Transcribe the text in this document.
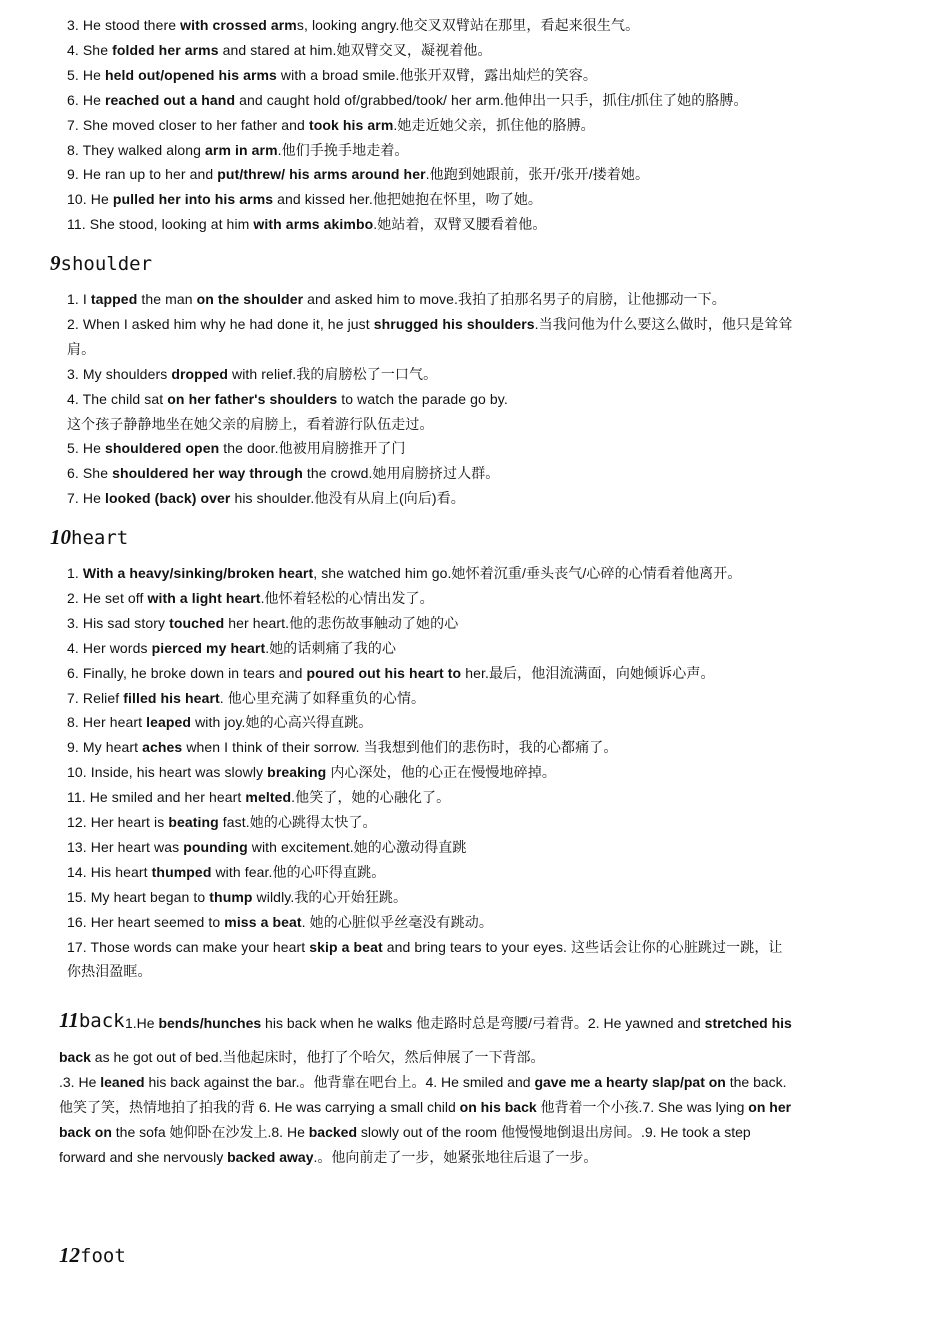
3. He stood there with crossed arms, looking angry.他交叉双臂站在那里，看起来很生气。
4. She folded her arms and stared at him.她双臂交叉，凝视着他。
5. He held out/opened his arms with a broad smile.他张开双臂，露出灿烂的笑容。
6. He reached out a hand and caught hold of/grabbed/took/ her arm.他伸出一只手，抓住/抓住了她的胳膊。
7. She moved closer to her father and took his arm.她走近她父亲，抓住他的胳膊。
8. They walked along arm in arm.他们手挽手地走着。
9. He ran up to her and put/threw/ his arms around her.他跑到她跟前，张开/张开/搂着她。
10. He pulled her into his arms and kissed her.他把她抱在怀里，吻了她。
11. She stood, looking at him with arms akimbo.她站着，双臂叉腰看着他。
9shoulder
1. I tapped the man on the shoulder and asked him to move.我拍了拍那名男子的肩膀，让他挪动一下。
2. When I asked him why he had done it, he just shrugged his shoulders.当我问他为什么要这么做时，他只是耸耸
肩。
3. My shoulders dropped with relief.我的肩膀松了一口气。
4. The child sat on her father's shoulders to watch the parade go by.
这个孩子静静地坐在她父亲的肩膀上，看着游行队伍走过。
5. He shouldered open the door.他被用肩膀推开了门
6. She shouldered her way through the crowd.她用肩膀挤过人群。
7. He looked (back) over his shoulder.他没有从肩上(向后)看。
10heart
1. With a heavy/sinking/broken heart, she watched him go.她怀着沉重/垂头丧气/心碎的心情看着他离开。
2. He set off with a light heart.他怀着轻松的心情出发了。
3. His sad story touched her heart.他的悲伤故事触动了她的心
4. Her words pierced my heart.她的话刺痛了我的心
6. Finally, he broke down in tears and poured out his heart to her.最后，他泪流满面，向她倾诉心声。
7. Relief filled his heart. 他心里充满了如释重负的心情。
8. Her heart leaped with joy.她的心高兴得直跳。
9. My heart aches when I think of their sorrow. 当我想到他们的悲伤时，我的心都痛了。
10. Inside, his heart was slowly breaking 内心深处，他的心正在慢慢地碎掉。
11. He smiled and her heart melted.他笑了，她的心融化了。
12. Her heart is beating fast.她的心跳得太快了。
13. Her heart was pounding with excitement.她的心激动得直跳
14. His heart thumped with fear.他的心吓得直跳。
15. My heart began to thump wildly.我的心开始狂跳。
16. Her heart seemed to miss a beat. 她的心脏似乎丝毫没有跳动。
17. Those words can make your heart skip a beat and bring tears to your eyes. 这些话会让你的心脏跳过一跳，让
你热泪盈眶。
11back 1.He bends/hunches his back when he walks 他走路时总是弯腰/弓着背。2. He yawned and stretched his
back as he got out of bed.当他起床时，他打了个哈欠，然后伸展了一下背部。
.3. He leaned his back against the bar.。他背靠在吧台上。4. He smiled and gave me a hearty slap/pat on the back.
他笑了笑，热情地拍了拍我的背 6. He was carrying a small child on his back 他背着一个小孩.7. She was lying on her
back on the sofa 她仰卧在沙发上.8. He backed slowly out of the room 他慢慢地倒退出房间。.9. He took a step
forward and she nervously backed away.。他向前走了一步，她紧张地往后退了一步。
12foot
